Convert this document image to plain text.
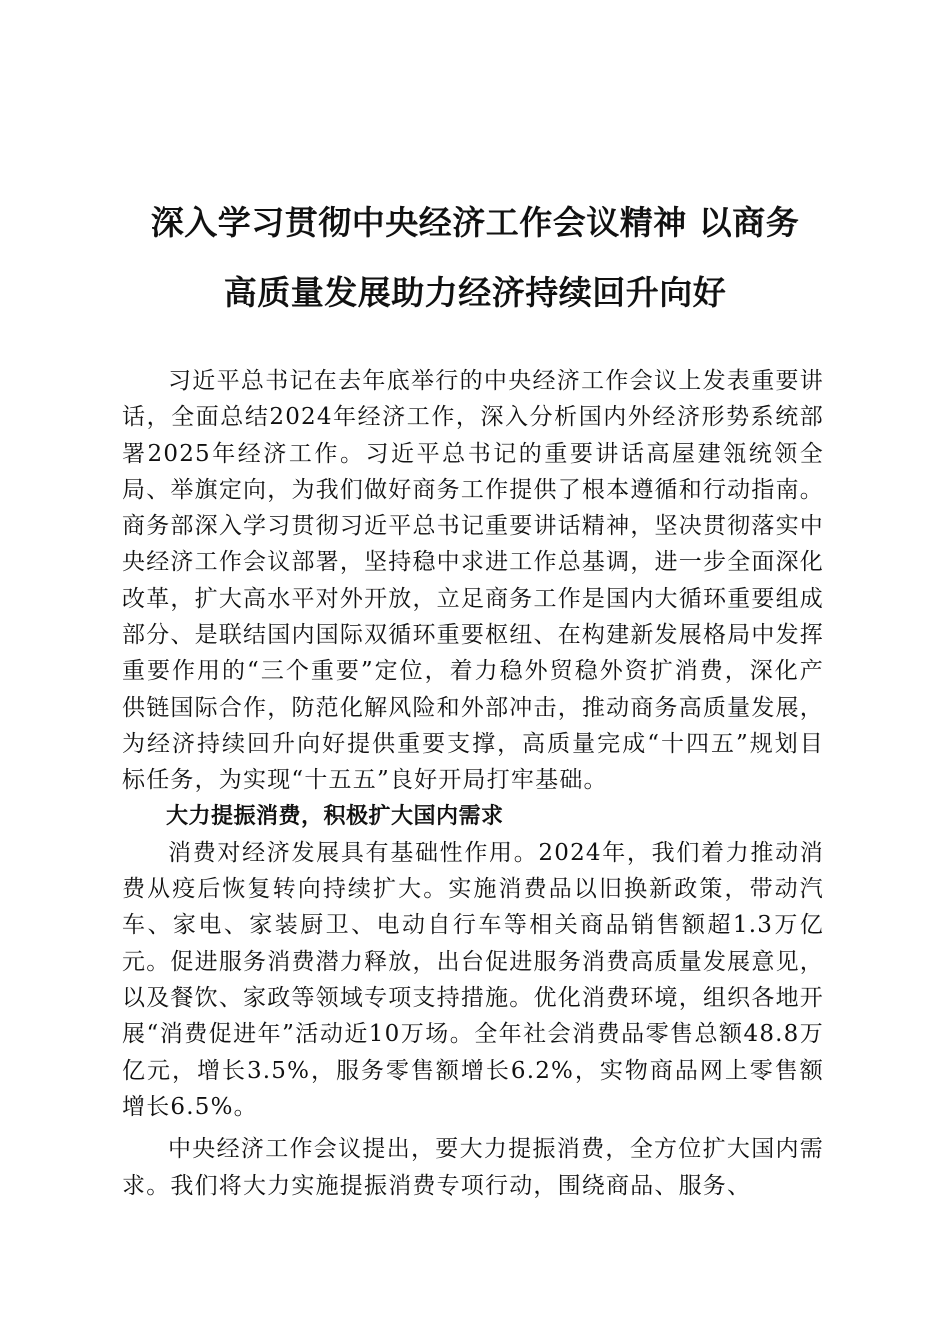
深入学习贯彻中央经济工作会议精神 以商务
高质量发展助力经济持续回升向好

习近平总书记在去年底举行的中央经济工作会议上发表重要讲话，全面总结2024年经济工作，深入分析国内外经济形势系统部署2025年经济工作。习近平总书记的重要讲话高屋建瓴统领全局、举旗定向，为我们做好商务工作提供了根本遵循和行动指南。商务部深入学习贯彻习近平总书记重要讲话精神，坚决贯彻落实中央经济工作会议部署，坚持稳中求进工作总基调，进一步全面深化改革，扩大高水平对外开放，立足商务工作是国内大循环重要组成部分、是联结国内国际双循环重要枢纽、在构建新发展格局中发挥重要作用的“三个重要”定位，着力稳外贸稳外资扩消费，深化产供链国际合作，防范化解风险和外部冲击，推动商务高质量发展，为经济持续回升向好提供重要支撑，高质量完成“十四五”规划目标任务，为实现“十五五”良好开局打牢基础。

大力提振消费，积极扩大国内需求

消费对经济发展具有基础性作用。2024年，我们着力推动消费从疫后恢复转向持续扩大。实施消费品以旧换新政策，带动汽车、家电、家装厨卫、电动自行车等相关商品销售额超1.3万亿元。促进服务消费潜力释放，出台促进服务消费高质量发展意见，以及餐饮、家政等领域专项支持措施。优化消费环境，组织各地开展“消费促进年”活动近10万场。全年社会消费品零售总额48.8万亿元，增长3.5%，服务零售额增长6.2%，实物商品网上零售额增长6.5%。

中央经济工作会议提出，要大力提振消费，全方位扩大国内需求。我们将大力实施提振消费专项行动，围绕商品、服务、
